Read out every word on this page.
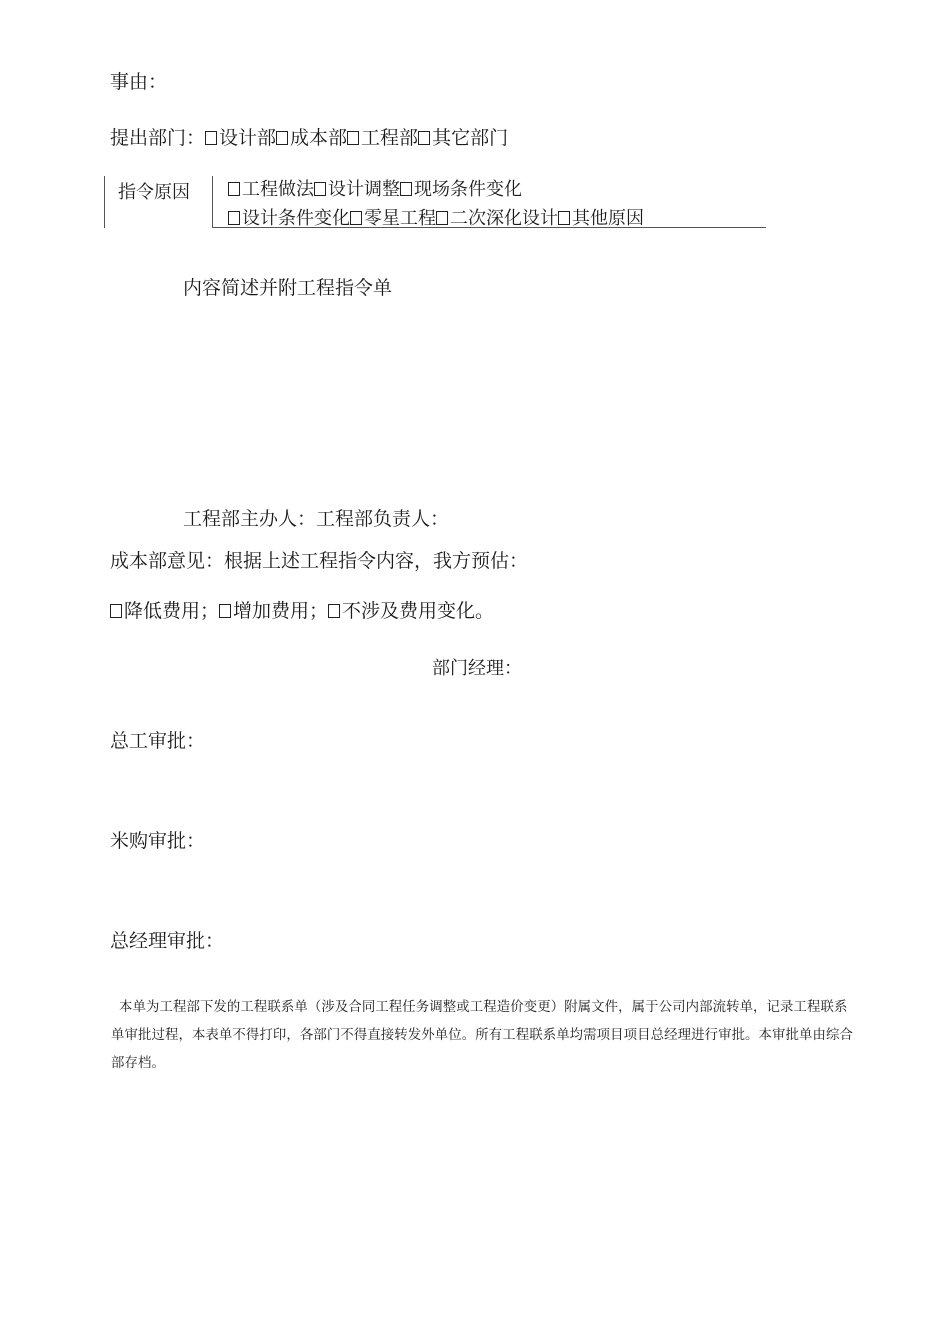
事由：
提出部门： 设计部 成本部 工程部 其它部门
指令原因	工程做法 设计调整 现场条件变化
设计条件变化 零星工程 二次深化设计 其他原因
内容简述并附工程指令单
工程部主办人：工程部负责人：
成本部意见：根据上述工程指令内容，我方预估：
降低费用； 增加费用； 不涉及费用变化。
部门经理：
总工审批：
米购审批：
总经理审批：
本单为工程部下发的工程联系单（涉及合同工程任务调整或工程造价变更）附属文件，属于公司内部流转单，记录工程联系单审批过程，本表单不得打印，各部门不得直接转发外单位。所有工程联系单均需项目项目总经理进行审批。本审批单由综合部存档。
